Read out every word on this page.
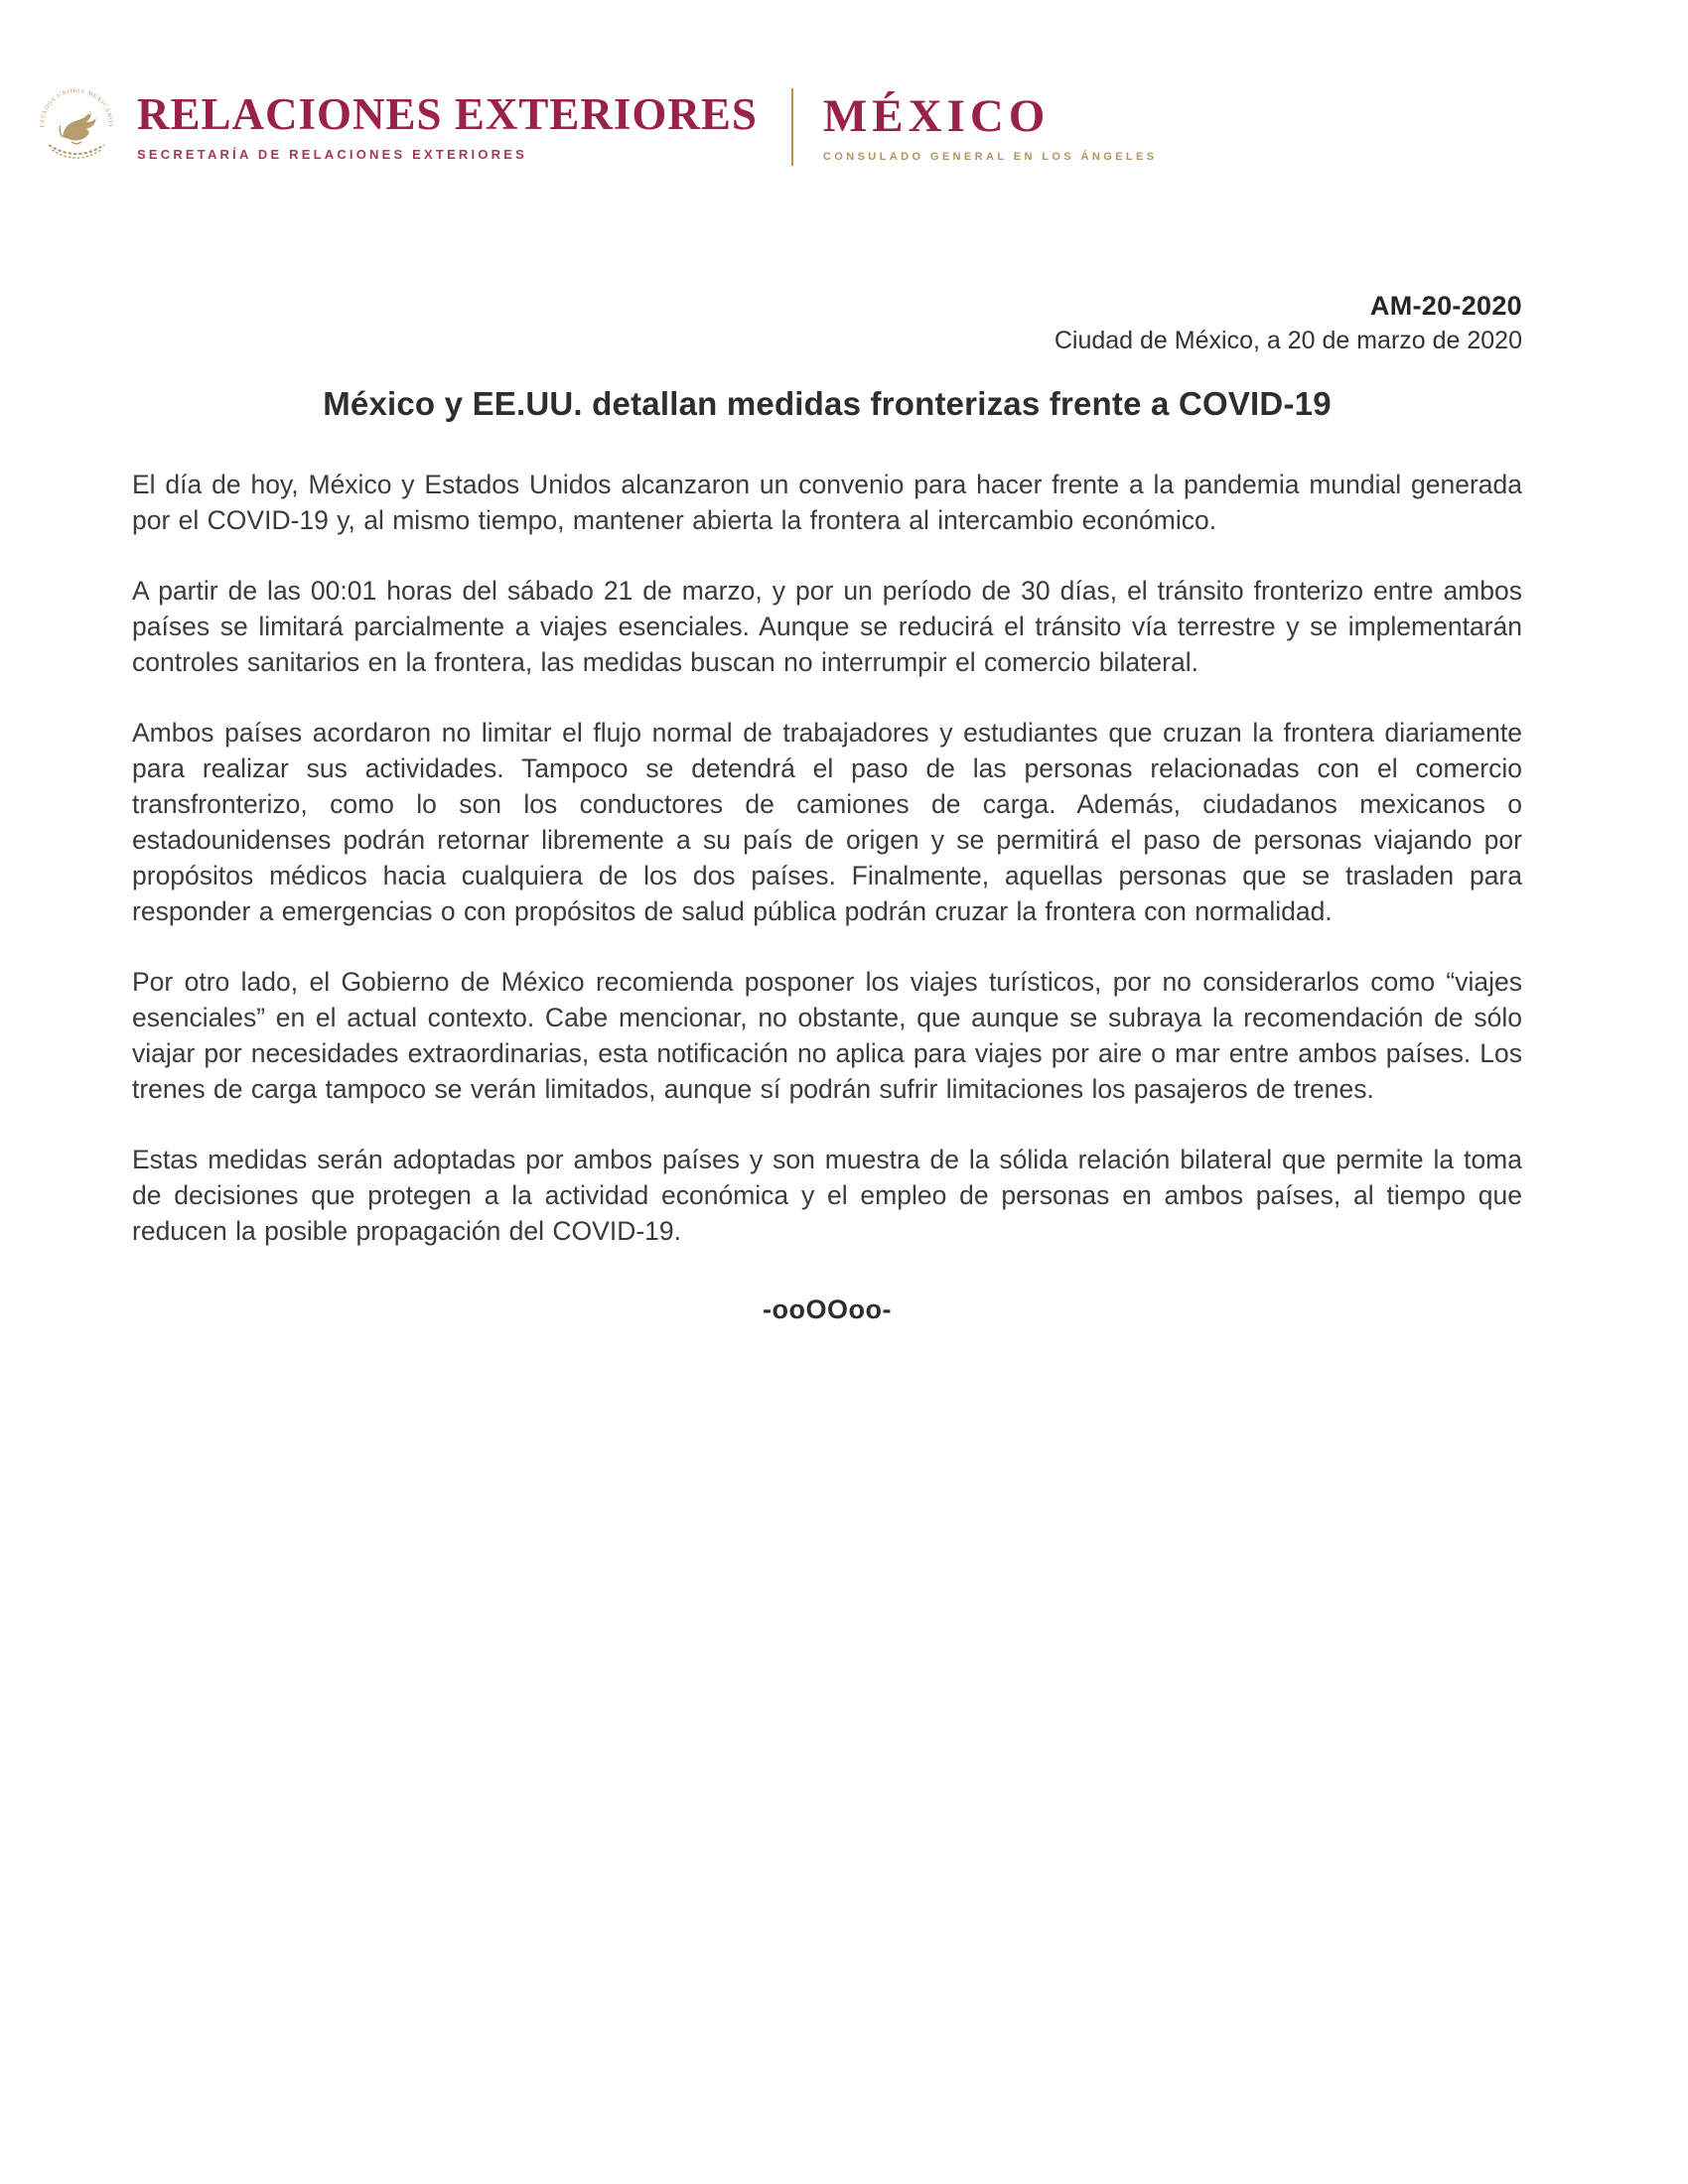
ESTADOS UNIDOS MEXICANOS RELACIONES EXTERIORES
SECRETARÍA DE RELACIONES EXTERIORES
MÉXICO
CONSULADO GENERAL EN LOS ÁNGELES
AM-20-2020
Ciudad de México, a 20 de marzo de 2020
México y EE.UU. detallan medidas fronterizas frente a COVID-19

El día de hoy, México y Estados Unidos alcanzaron un convenio para hacer frente a la pandemia mundial generada por el COVID-19 y, al mismo tiempo, mantener abierta la frontera al intercambio económico.

A partir de las 00:01 horas del sábado 21 de marzo, y por un período de 30 días, el tránsito fronterizo entre ambos países se limitará parcialmente a viajes esenciales. Aunque se reducirá el tránsito vía terrestre y se implementarán controles sanitarios en la frontera, las medidas buscan no interrumpir el comercio bilateral.

Ambos países acordaron no limitar el flujo normal de trabajadores y estudiantes que cruzan la frontera diariamente para realizar sus actividades. Tampoco se detendrá el paso de las personas relacionadas con el comercio transfronterizo, como lo son los conductores de camiones de carga. Además, ciudadanos mexicanos o estadounidenses podrán retornar libremente a su país de origen y se permitirá el paso de personas viajando por propósitos médicos hacia cualquiera de los dos países. Finalmente, aquellas personas que se trasladen para responder a emergencias o con propósitos de salud pública podrán cruzar la frontera con normalidad.

Por otro lado, el Gobierno de México recomienda posponer los viajes turísticos, por no considerarlos como “viajes esenciales” en el actual contexto. Cabe mencionar, no obstante, que aunque se subraya la recomendación de sólo viajar por necesidades extraordinarias, esta notificación no aplica para viajes por aire o mar entre ambos países. Los trenes de carga tampoco se verán limitados, aunque sí podrán sufrir limitaciones los pasajeros de trenes.

Estas medidas serán adoptadas por ambos países y son muestra de la sólida relación bilateral que permite la toma de decisiones que protegen a la actividad económica y el empleo de personas en ambos países, al tiempo que reducen la posible propagación del COVID-19.

-ooOOoo-
